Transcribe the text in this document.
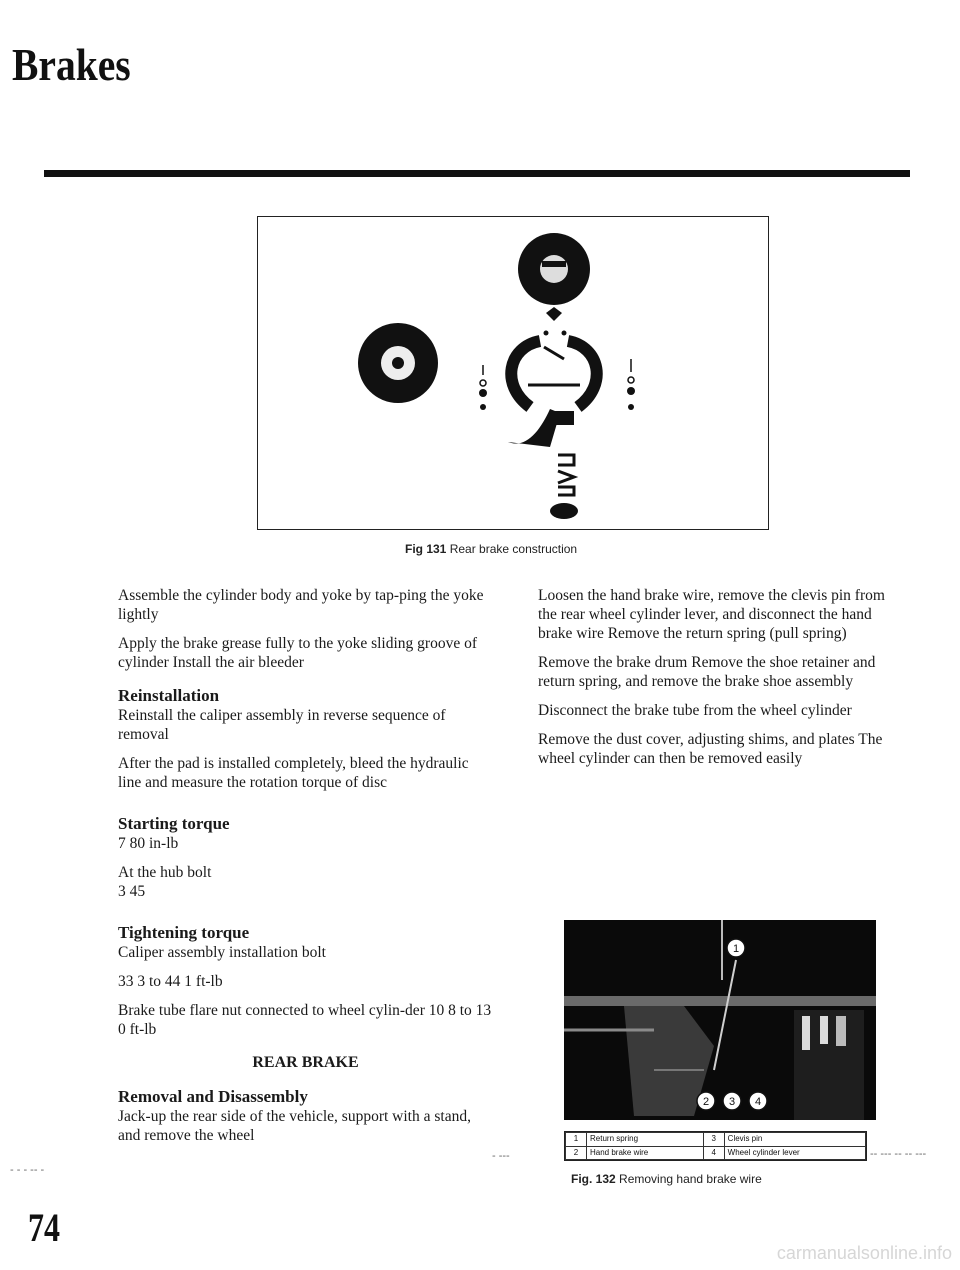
Brakes
Fig 131 Rear brake construction

Assemble the cylinder body and yoke by tap-ping the yoke lightly

Apply the brake grease fully to the yoke sliding groove of cylinder Install the air bleeder

Reinstallation

Reinstall the caliper assembly in reverse sequence of removal

After the pad is installed completely, bleed the hydraulic line and measure the rotation torque of disc

Starting torque

7 80 in-lb

At the hub bolt

3 45

Tightening torque

Caliper assembly installation bolt

33 3 to 44 1 ft-lb

Brake tube flare nut connected to wheel cylin-der 10 8 to 13 0 ft-lb

REAR BRAKE
Removal and Disassembly

Jack-up the rear side of the vehicle, support with a stand, and remove the wheel

Loosen the hand brake wire, remove the clevis pin from the rear wheel cylinder lever, and disconnect the hand brake wire Remove the return spring (pull spring)

Remove the brake drum Remove the shoe retainer and return spring, and remove the brake shoe assembly

Disconnect the brake tube from the wheel cylinder

Remove the dust cover, adjusting shims, and plates The wheel cylinder can then be removed easily

1
2 3 4
1	Return spring	3	Clevis pin
2	Hand brake wire	4	Wheel cylinder lever
Fig. 132 Removing hand brake wire
- ---	-- --- -- -- ---
- - - -- -
74
carmanualsonline.info
